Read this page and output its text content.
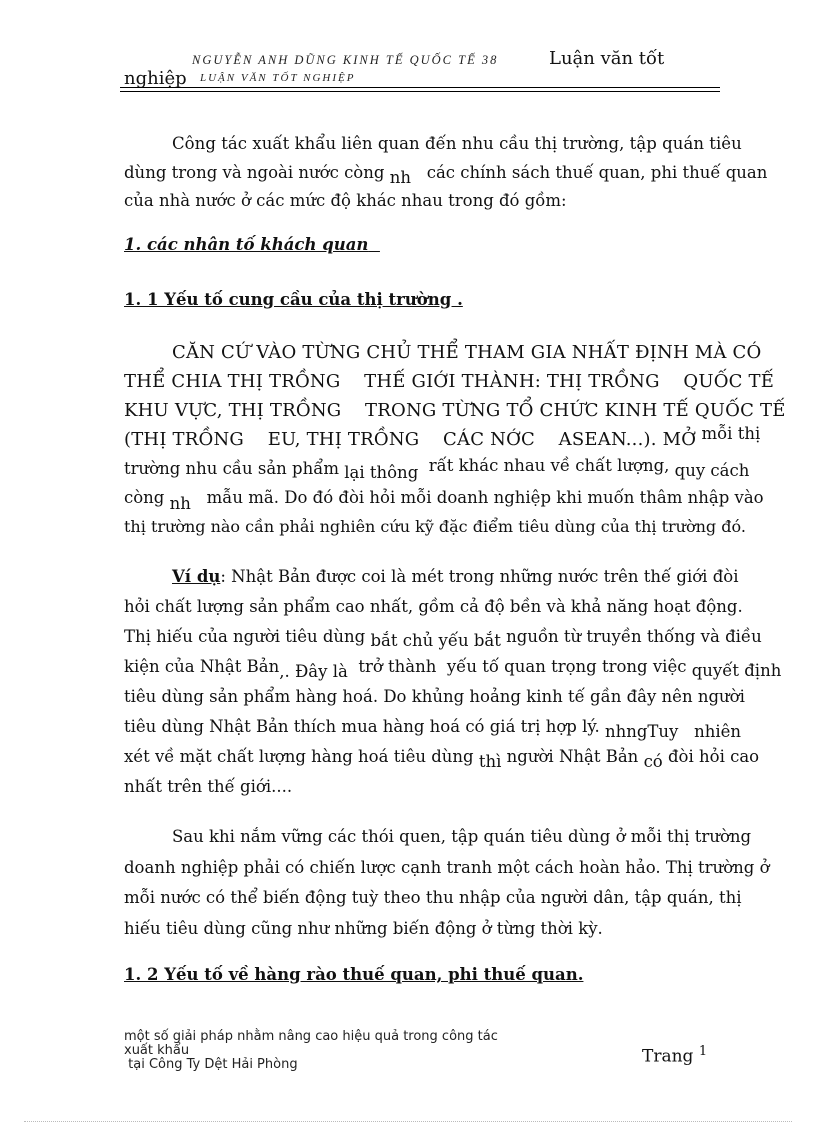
NGUYỄN ANH DŨNG KINH TẾ QUỐC TẾ 38
LUẬN VĂN TỐT NGHIỆP
Luận văn tốt
nghiệp
Công tác xuất khẩu liên quan đến nhu cầu thị trường, tập quán tiêu
dùng trong và ngoài nước còng nh các chính sách thuế quan, phi thuế quan
của nhà nước ở các mức độ khác nhau trong đó gồm:
1. các nhân tố khách quan
1. 1 Yếu tố cung cầu của thị trường .
CĂN CỨ VÀO TỪNG CHỦ THỂ THAM GIA NHẤT ĐỊNH MÀ CÓ
THỂ CHIA THỊ TRỒNG    THẾ GIỚI THÀNH: THỊ TRỒNG    QUỐC TẾ
KHU VỰC, THỊ TRỒNG    TRONG TỪNG TỔ CHỨC KINH TẾ QUỐC TẾ
(THỊ TRỒNG    EU, THỊ TRỒNG    CÁC NỚC    ASEAN...). MỞ mỗi thị
trường nhu cầu sản phẩm lại thông rất khác nhau về chất lượng, quy cách
còng nh mẫu mã. Do đó đòi hỏi mỗi doanh nghiệp khi muốn thâm nhập vào
thị trường nào cần phải nghiên cứu kỹ đặc điểm tiêu dùng của thị trường đó.
Ví dụ: Nhật Bản được coi là mét trong những nước trên thế giới đòi
hỏi chất lượng sản phẩm cao nhất, gồm cả độ bền và khả năng hoạt động.
Thị hiếu của người tiêu dùng bắt chủ yếu bắt nguồn từ truyền thống và điều
kiện của Nhật Bản,. Đây là trở thành yếu tố quan trọng trong việc quyết định
tiêu dùng sản phẩm hàng hoá. Do khủng hoảng kinh tế gần đây nên người
tiêu dùng Nhật Bản thích mua hàng hoá có giá trị hợp lý. nhngTuy nhiên
xét về mặt chất lượng hàng hoá tiêu dùng thì người Nhật Bản có đòi hỏi cao
nhất trên thế giới....
Sau khi nắm vững các thói quen, tập quán tiêu dùng ở mỗi thị trường
doanh nghiệp phải có chiến lược cạnh tranh một cách hoàn hảo. Thị trường ở
mỗi nước có thể biến động tuỳ theo thu nhập của người dân, tập quán, thị
hiếu tiêu dùng cũng như những biến động ở từng thời kỳ.
1. 2 Yếu tố về hàng rào thuế quan, phi thuế quan.
một số giải pháp nhằm nâng cao hiệu quả trong công tác
xuất khẩu
tại Công Ty Dệt Hải Phòng	Trang $^1$
